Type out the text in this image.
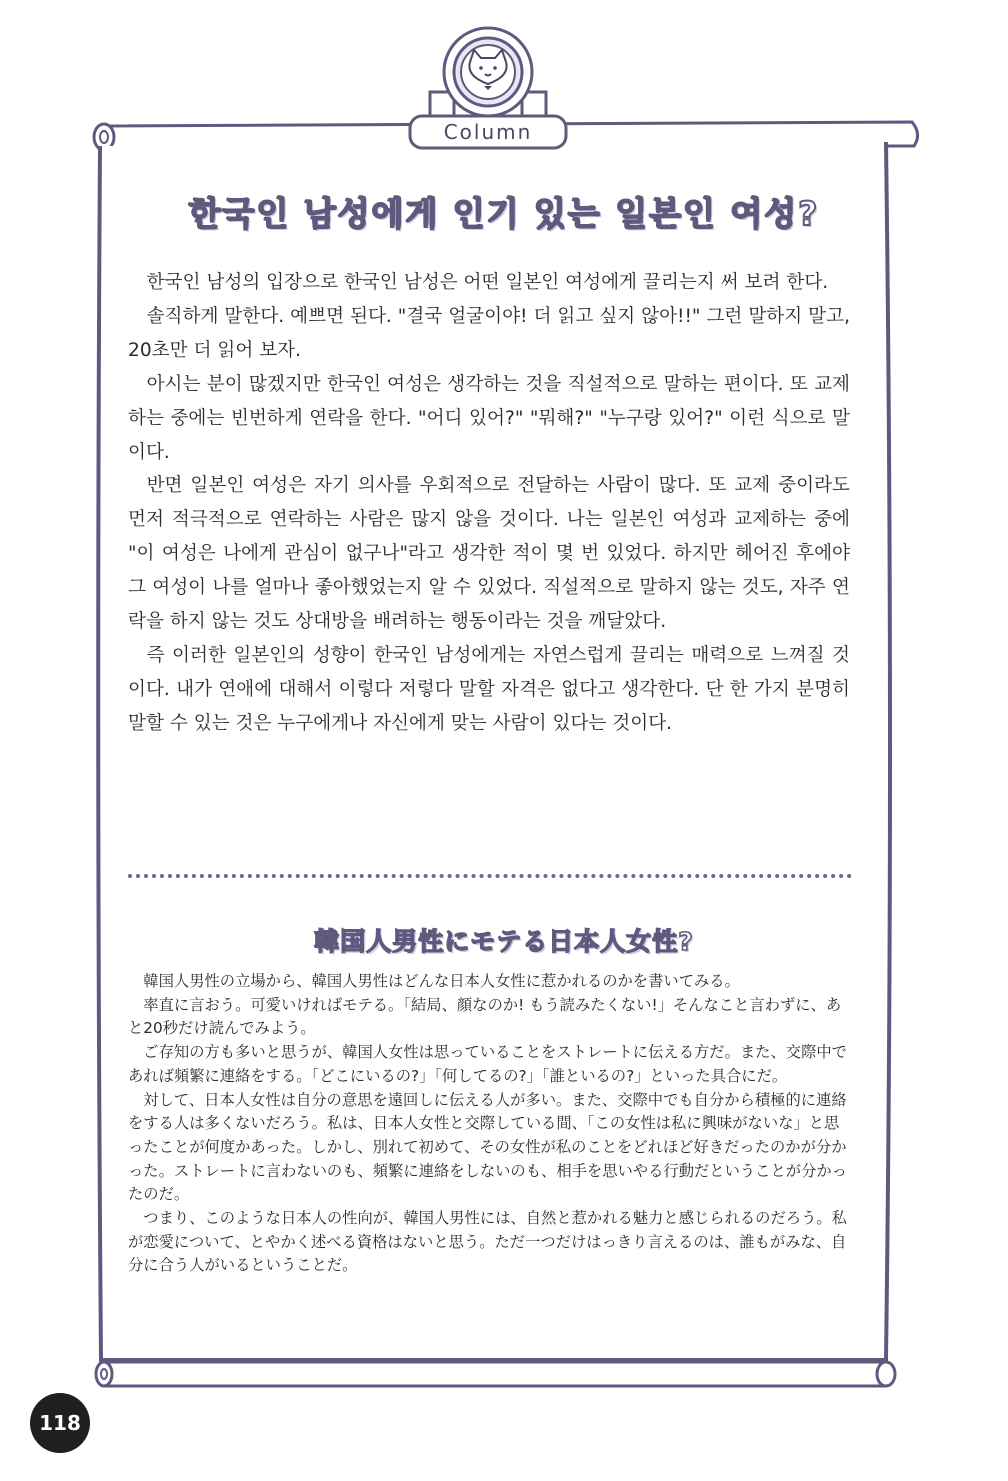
Column
한국인 남성에게 인기 있는 일본인 여성?

한국인 남성의 입장으로 한국인 남성은 어떤 일본인 여성에게 끌리는지 써 보려 한다.

솔직하게 말한다. 예쁘면 된다. "결국 얼굴이야! 더 읽고 싶지 않아!!" 그런 말하지 말고, 20초만 더 읽어 보자.

아시는 분이 많겠지만 한국인 여성은 생각하는 것을 직설적으로 말하는 편이다. 또 교제하는 중에는 빈번하게 연락을 한다. "어디 있어?" "뭐해?" "누구랑 있어?" 이런 식으로 말이다.

반면 일본인 여성은 자기 의사를 우회적으로 전달하는 사람이 많다. 또 교제 중이라도 먼저 적극적으로 연락하는 사람은 많지 않을 것이다. 나는 일본인 여성과 교제하는 중에 "이 여성은 나에게 관심이 없구나"라고 생각한 적이 몇 번 있었다. 하지만 헤어진 후에야 그 여성이 나를 얼마나 좋아했었는지 알 수 있었다. 직설적으로 말하지 않는 것도, 자주 연락을 하지 않는 것도 상대방을 배려하는 행동이라는 것을 깨달았다.

즉 이러한 일본인의 성향이 한국인 남성에게는 자연스럽게 끌리는 매력으로 느껴질 것이다. 내가 연애에 대해서 이렇다 저렇다 말할 자격은 없다고 생각한다. 단 한 가지 분명히 말할 수 있는 것은 누구에게나 자신에게 맞는 사람이 있다는 것이다.

韓国人男性にモテる日本人女性?

韓国人男性の立場から、韓国人男性はどんな日本人女性に惹かれるのかを書いてみる。

率直に言おう。可愛いければモテる。「結局、顔なのか! もう読みたくない!」そんなこと言わずに、あと20秒だけ読んでみよう。

ご存知の方も多いと思うが、韓国人女性は思っていることをストレートに伝える方だ。また、交際中であれば頻繁に連絡をする。「どこにいるの?」「何してるの?」「誰といるの?」といった具合にだ。

対して、日本人女性は自分の意思を遠回しに伝える人が多い。また、交際中でも自分から積極的に連絡をする人は多くないだろう。私は、日本人女性と交際している間、「この女性は私に興味がないな」と思ったことが何度かあった。しかし、別れて初めて、その女性が私のことをどれほど好きだったのかが分かった。ストレートに言わないのも、頻繁に連絡をしないのも、相手を思いやる行動だということが分かったのだ。

つまり、このような日本人の性向が、韓国人男性には、自然と惹かれる魅力と感じられるのだろう。私が恋愛について、とやかく述べる資格はないと思う。ただ一つだけはっきり言えるのは、誰もがみな、自分に合う人がいるということだ。

118
